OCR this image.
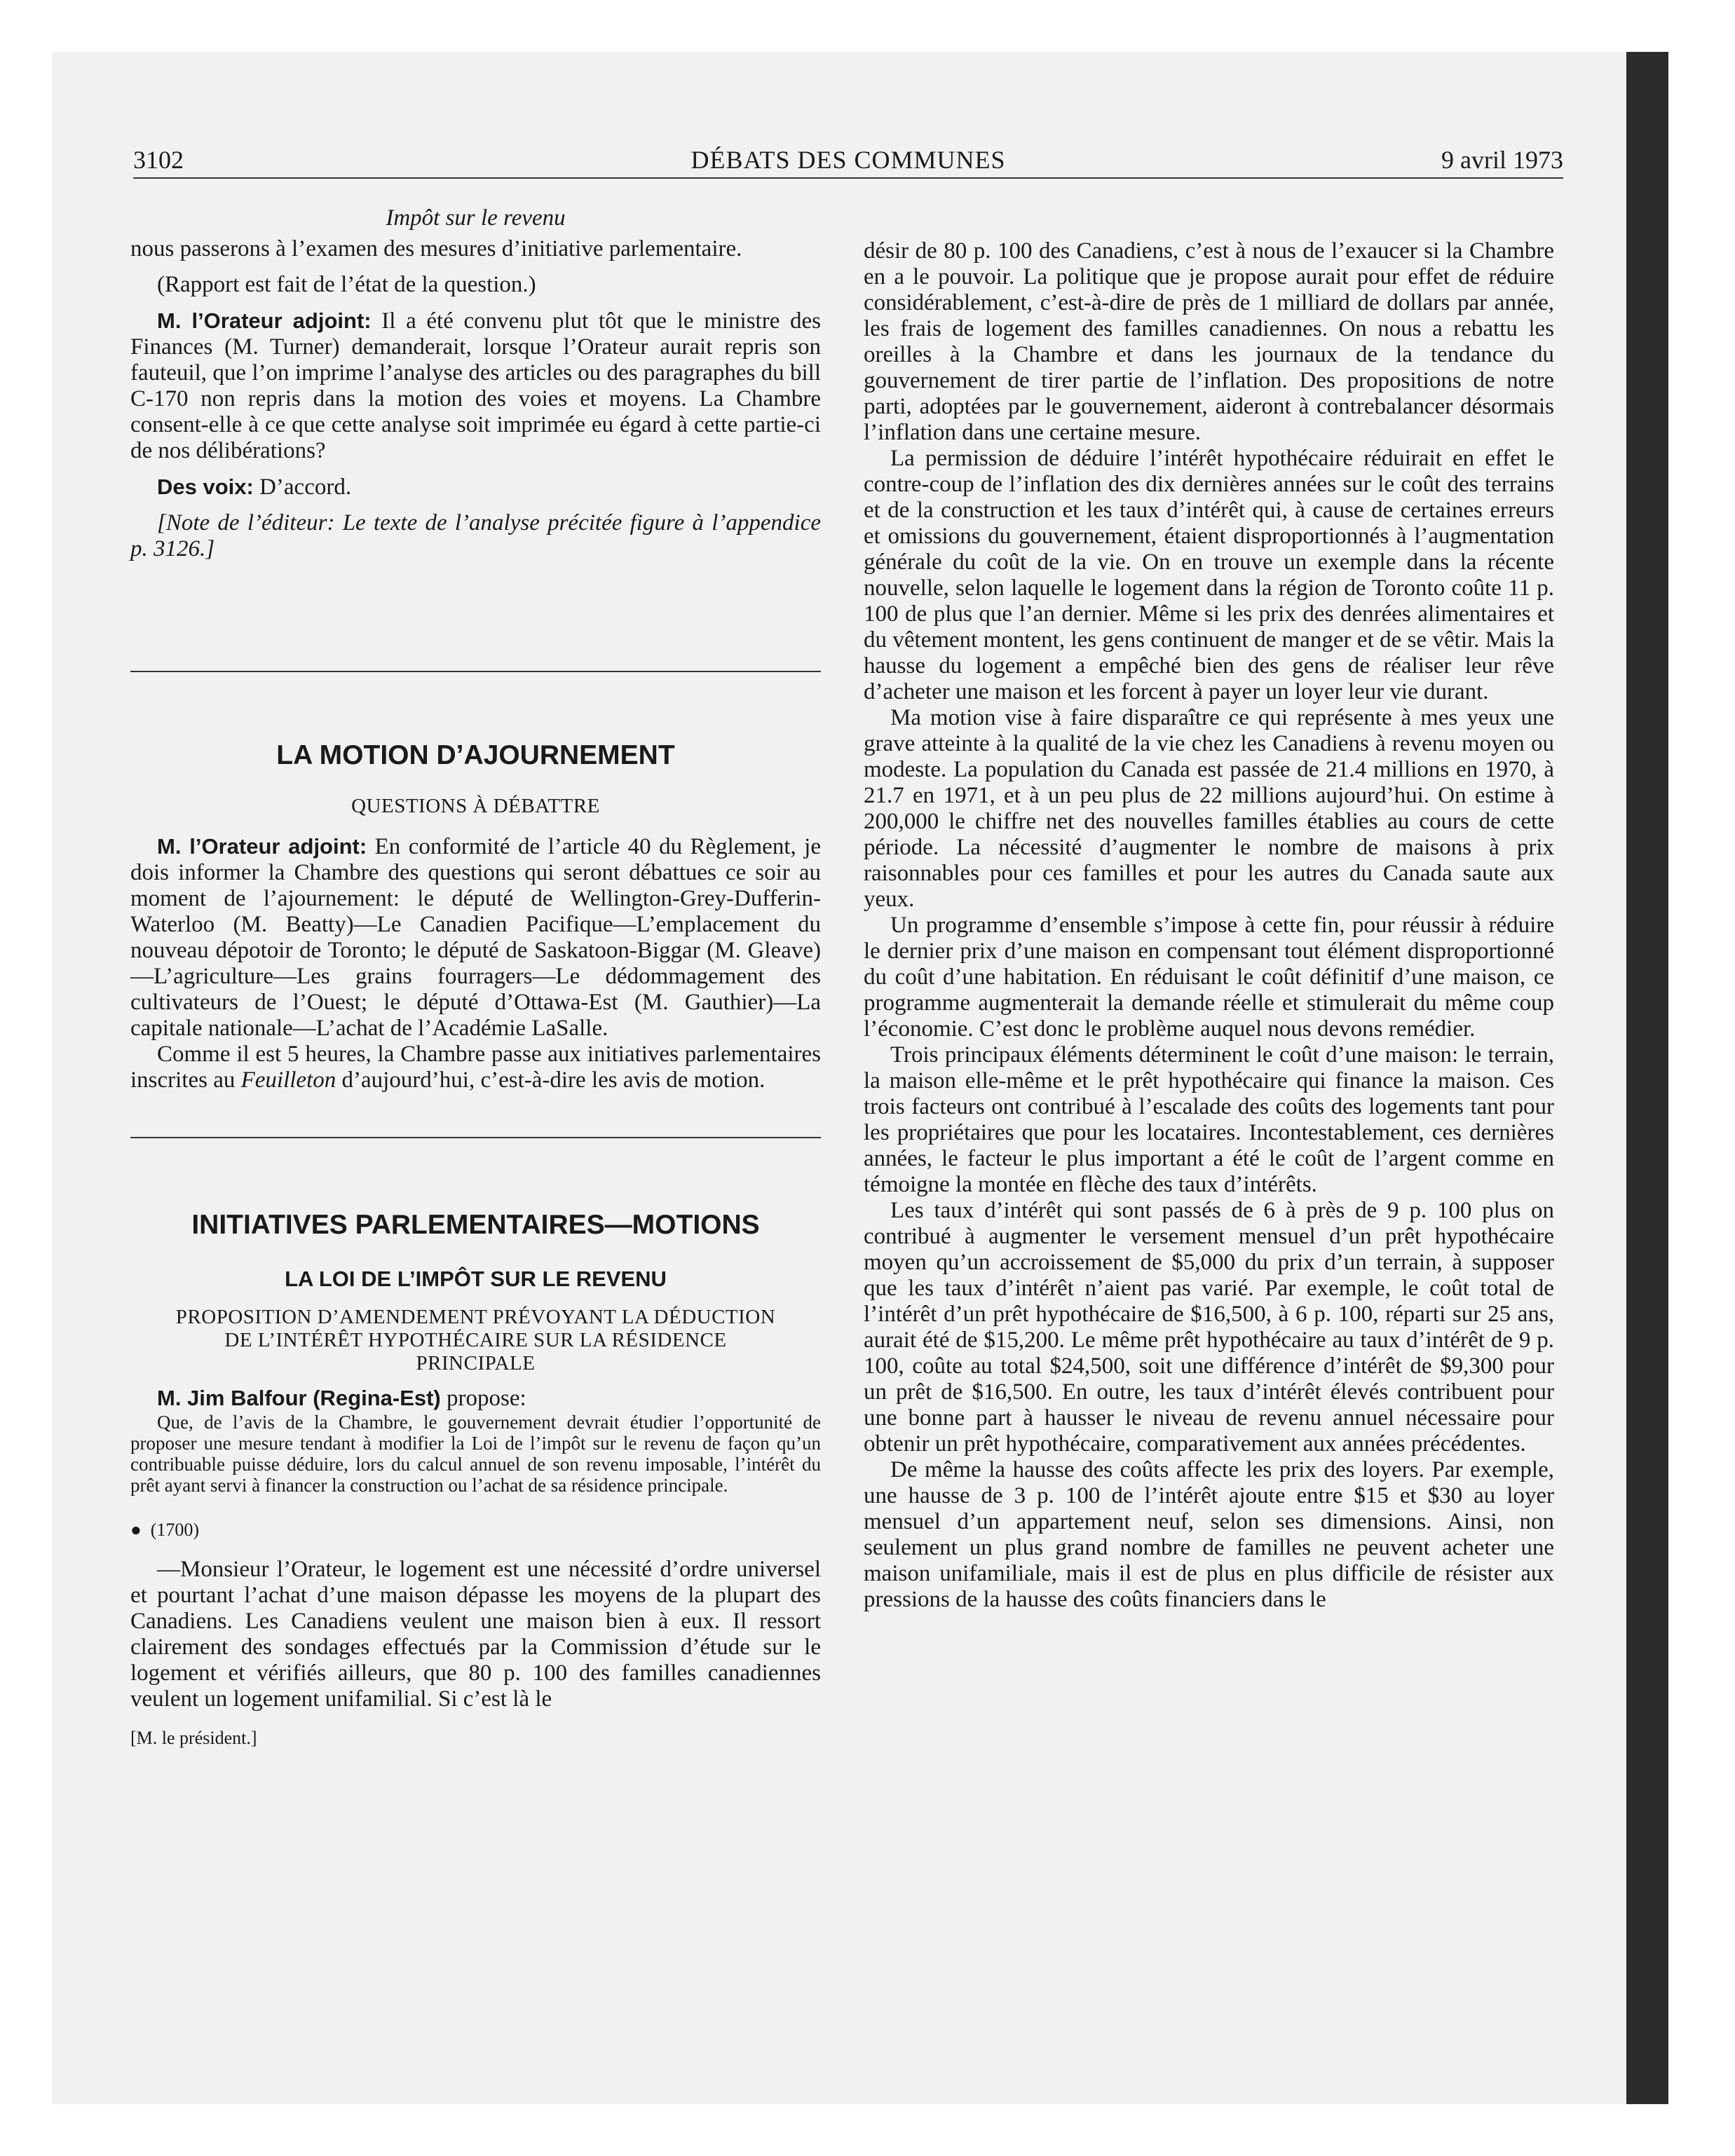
3102	DÉBATS DES COMMUNES	9 avril 1973
Impôt sur le revenu

nous passerons à l’examen des mesures d’initiative parlementaire.

(Rapport est fait de l’état de la question.)

M. l’Orateur adjoint: Il a été convenu plut tôt que le ministre des Finances (M. Turner) demanderait, lorsque l’Orateur aurait repris son fauteuil, que l’on imprime l’analyse des articles ou des paragraphes du bill C-170 non repris dans la motion des voies et moyens. La Chambre consent-elle à ce que cette analyse soit imprimée eu égard à cette partie-ci de nos délibérations?

Des voix: D’accord.

[Note de l’éditeur: Le texte de l’analyse précitée figure à l’appendice p. 3126.]

LA MOTION D’AJOURNEMENT
QUESTIONS À DÉBATTRE

M. l’Orateur adjoint: En conformité de l’article 40 du Règlement, je dois informer la Chambre des questions qui seront débattues ce soir au moment de l’ajournement: le député de Wellington-Grey-Dufferin-Waterloo (M. Beatty)—Le Canadien Pacifique—L’emplacement du nouveau dépotoir de Toronto; le député de Saskatoon-Biggar (M. Gleave)—L’agriculture—Les grains fourragers—Le dédommagement des cultivateurs de l’Ouest; le député d’Ottawa-Est (M. Gauthier)—La capitale nationale—L’achat de l’Académie LaSalle.

Comme il est 5 heures, la Chambre passe aux initiatives parlementaires inscrites au Feuilleton d’aujourd’hui, c’est-à-dire les avis de motion.

INITIATIVES PARLEMENTAIRES—MOTIONS
LA LOI DE L’IMPÔT SUR LE REVENU
PROPOSITION D’AMENDEMENT PRÉVOYANT LA DÉDUCTION DE L’INTÉRÊT HYPOTHÉCAIRE SUR LA RÉSIDENCE PRINCIPALE

M. Jim Balfour (Regina-Est) propose:

Que, de l’avis de la Chambre, le gouvernement devrait étudier l’opportunité de proposer une mesure tendant à modifier la Loi de l’impôt sur le revenu de façon qu’un contribuable puisse déduire, lors du calcul annuel de son revenu imposable, l’intérêt du prêt ayant servi à financer la construction ou l’achat de sa résidence principale.

● (1700)

—Monsieur l’Orateur, le logement est une nécessité d’ordre universel et pourtant l’achat d’une maison dépasse les moyens de la plupart des Canadiens. Les Canadiens veulent une maison bien à eux. Il ressort clairement des sondages effectués par la Commission d’étude sur le logement et vérifiés ailleurs, que 80 p. 100 des familles canadiennes veulent un logement unifamilial. Si c’est là le

[M. le président.]

désir de 80 p. 100 des Canadiens, c’est à nous de l’exaucer si la Chambre en a le pouvoir. La politique que je propose aurait pour effet de réduire considérablement, c’est-à-dire de près de 1 milliard de dollars par année, les frais de logement des familles canadiennes. On nous a rebattu les oreilles à la Chambre et dans les journaux de la tendance du gouvernement de tirer partie de l’inflation. Des propositions de notre parti, adoptées par le gouvernement, aideront à contrebalancer désormais l’inflation dans une certaine mesure.

La permission de déduire l’intérêt hypothécaire réduirait en effet le contre-coup de l’inflation des dix dernières années sur le coût des terrains et de la construction et les taux d’intérêt qui, à cause de certaines erreurs et omissions du gouvernement, étaient disproportionnés à l’augmentation générale du coût de la vie. On en trouve un exemple dans la récente nouvelle, selon laquelle le logement dans la région de Toronto coûte 11 p. 100 de plus que l’an dernier. Même si les prix des denrées alimentaires et du vêtement montent, les gens continuent de manger et de se vêtir. Mais la hausse du logement a empêché bien des gens de réaliser leur rêve d’acheter une maison et les forcent à payer un loyer leur vie durant.

Ma motion vise à faire disparaître ce qui représente à mes yeux une grave atteinte à la qualité de la vie chez les Canadiens à revenu moyen ou modeste. La population du Canada est passée de 21.4 millions en 1970, à 21.7 en 1971, et à un peu plus de 22 millions aujourd’hui. On estime à 200,000 le chiffre net des nouvelles familles établies au cours de cette période. La nécessité d’augmenter le nombre de maisons à prix raisonnables pour ces familles et pour les autres du Canada saute aux yeux.

Un programme d’ensemble s’impose à cette fin, pour réussir à réduire le dernier prix d’une maison en compensant tout élément disproportionné du coût d’une habitation. En réduisant le coût définitif d’une maison, ce programme augmenterait la demande réelle et stimulerait du même coup l’économie. C’est donc le problème auquel nous devons remédier.

Trois principaux éléments déterminent le coût d’une maison: le terrain, la maison elle-même et le prêt hypothécaire qui finance la maison. Ces trois facteurs ont contribué à l’escalade des coûts des logements tant pour les propriétaires que pour les locataires. Incontestablement, ces dernières années, le facteur le plus important a été le coût de l’argent comme en témoigne la montée en flèche des taux d’intérêts.

Les taux d’intérêt qui sont passés de 6 à près de 9 p. 100 plus on contribué à augmenter le versement mensuel d’un prêt hypothécaire moyen qu’un accroissement de $5,000 du prix d’un terrain, à supposer que les taux d’intérêt n’aient pas varié. Par exemple, le coût total de l’intérêt d’un prêt hypothécaire de $16,500, à 6 p. 100, réparti sur 25 ans, aurait été de $15,200. Le même prêt hypothécaire au taux d’intérêt de 9 p. 100, coûte au total $24,500, soit une différence d’intérêt de $9,300 pour un prêt de $16,500. En outre, les taux d’intérêt élevés contribuent pour une bonne part à hausser le niveau de revenu annuel nécessaire pour obtenir un prêt hypothécaire, comparativement aux années précédentes.

De même la hausse des coûts affecte les prix des loyers. Par exemple, une hausse de 3 p. 100 de l’intérêt ajoute entre $15 et $30 au loyer mensuel d’un appartement neuf, selon ses dimensions. Ainsi, non seulement un plus grand nombre de familles ne peuvent acheter une maison unifamiliale, mais il est de plus en plus difficile de résister aux pressions de la hausse des coûts financiers dans le
